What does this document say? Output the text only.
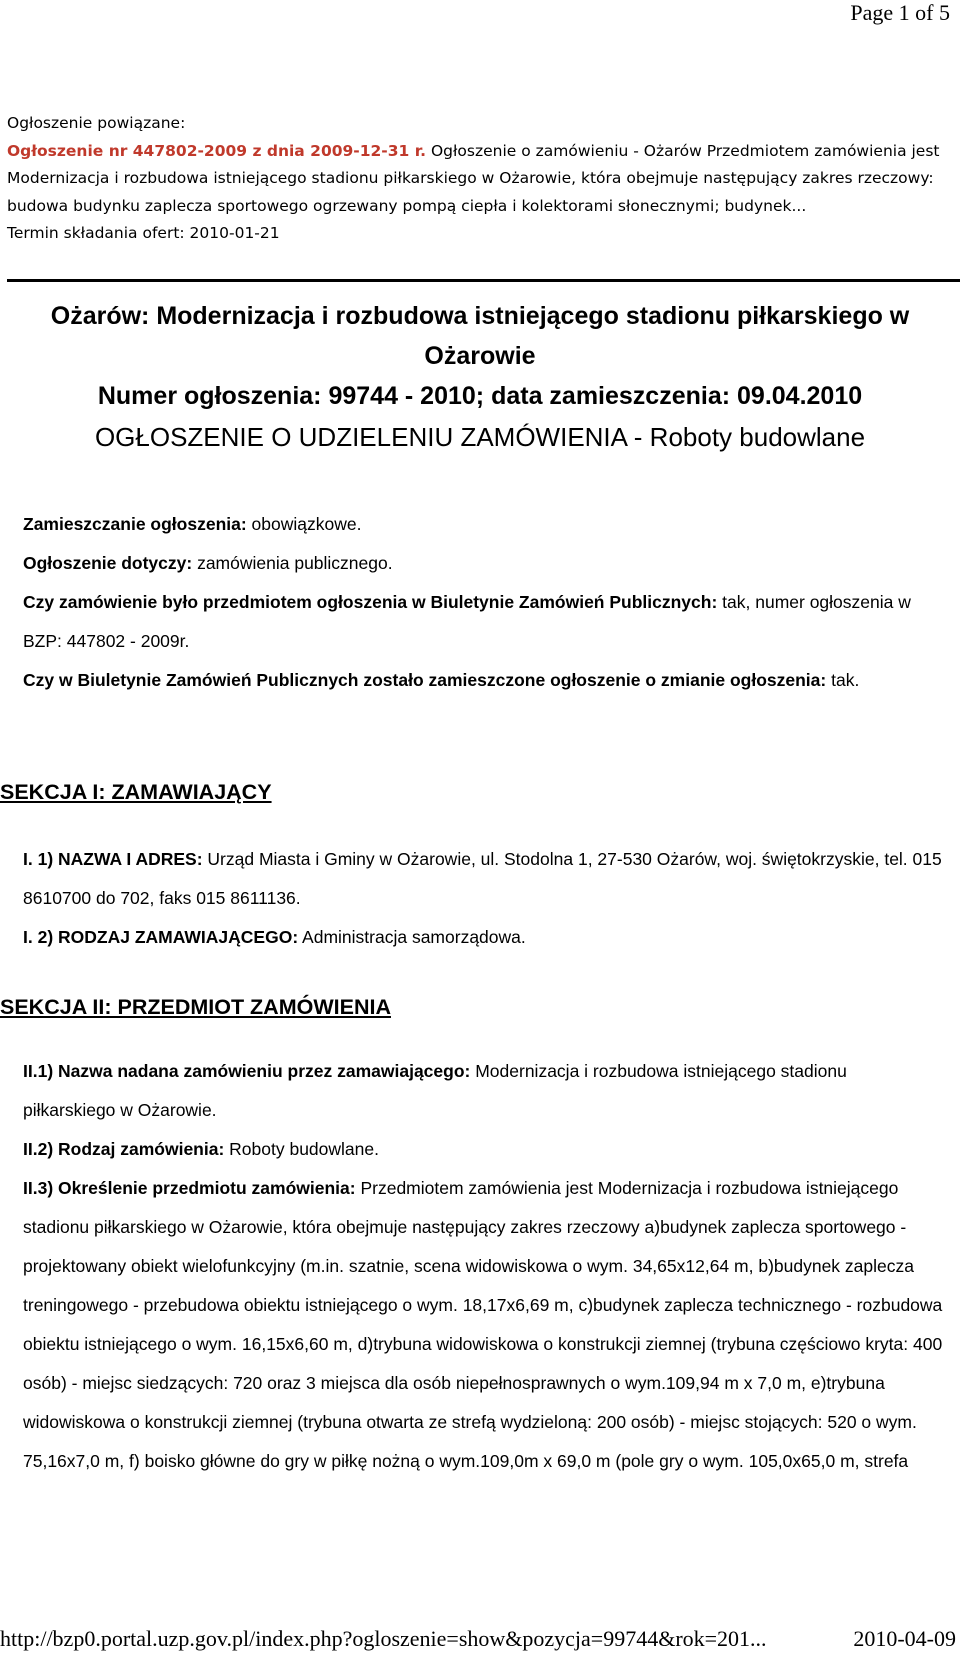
Page 1 of 5
Ogłoszenie powiązane:
Ogłoszenie nr 447802-2009 z dnia 2009-12-31 r. Ogłoszenie o zamówieniu - Ożarów Przedmiotem zamówienia jest Modernizacja i rozbudowa istniejącego stadionu piłkarskiego w Ożarowie, która obejmuje następujący zakres rzeczowy: budowa budynku zaplecza sportowego ogrzewany pompą ciepła i kolektorami słonecznymi; budynek...
Termin składania ofert: 2010-01-21
Ożarów: Modernizacja i rozbudowa istniejącego stadionu piłkarskiego w Ożarowie
Numer ogłoszenia: 99744 - 2010; data zamieszczenia: 09.04.2010
OGŁOSZENIE O UDZIELENIU ZAMÓWIENIA - Roboty budowlane

Zamieszczanie ogłoszenia: obowiązkowe.

Ogłoszenie dotyczy: zamówienia publicznego.

Czy zamówienie było przedmiotem ogłoszenia w Biuletynie Zamówień Publicznych: tak, numer ogłoszenia w BZP: 447802 - 2009r.

Czy w Biuletynie Zamówień Publicznych zostało zamieszczone ogłoszenie o zmianie ogłoszenia: tak.

SEKCJA I: ZAMAWIAJĄCY

I. 1) NAZWA I ADRES: Urząd Miasta i Gminy w Ożarowie, ul. Stodolna 1, 27-530 Ożarów, woj. świętokrzyskie, tel. 015 8610700 do 702, faks 015 8611136.

I. 2) RODZAJ ZAMAWIAJĄCEGO: Administracja samorządowa.

SEKCJA II: PRZEDMIOT ZAMÓWIENIA

II.1) Nazwa nadana zamówieniu przez zamawiającego: Modernizacja i rozbudowa istniejącego stadionu piłkarskiego w Ożarowie.

II.2) Rodzaj zamówienia: Roboty budowlane.

II.3) Określenie przedmiotu zamówienia: Przedmiotem zamówienia jest Modernizacja i rozbudowa istniejącego stadionu piłkarskiego w Ożarowie, która obejmuje następujący zakres rzeczowy a)budynek zaplecza sportowego - projektowany obiekt wielofunkcyjny (m.in. szatnie, scena widowiskowa o wym. 34,65x12,64 m, b)budynek zaplecza treningowego - przebudowa obiektu istniejącego o wym. 18,17x6,69 m, c)budynek zaplecza technicznego - rozbudowa obiektu istniejącego o wym. 16,15x6,60 m, d)trybuna widowiskowa o konstrukcji ziemnej (trybuna częściowo kryta: 400 osób) - miejsc siedzących: 720 oraz 3 miejsca dla osób niepełnosprawnych o wym.109,94 m x 7,0 m, e)trybuna widowiskowa o konstrukcji ziemnej (trybuna otwarta ze strefą wydzieloną: 200 osób) - miejsc stojących: 520 o wym. 75,16x7,0 m, f) boisko główne do gry w piłkę nożną o wym.109,0m x 69,0 m (pole gry o wym. 105,0x65,0 m, strefa

http://bzp0.portal.uzp.gov.pl/index.php?ogloszenie=show&pozycja=99744&rok=201...	2010-04-09
